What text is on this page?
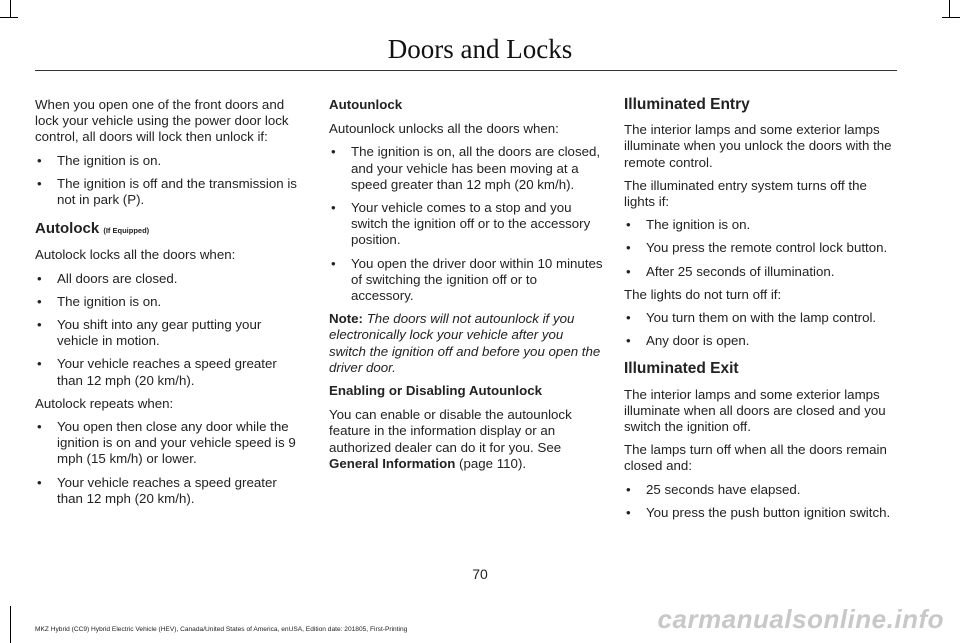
Doors and Locks

When you open one of the front doors and lock your vehicle using the power door lock control, all doors will lock then unlock if:

• The ignition is on.
• The ignition is off and the transmission is not in park (P).
Autolock (If Equipped)

Autolock locks all the doors when:

• All doors are closed.
• The ignition is on.
• You shift into any gear putting your vehicle in motion.
• Your vehicle reaches a speed greater than 12 mph (20 km/h).

Autolock repeats when:

• You open then close any door while the ignition is on and your vehicle speed is 9 mph (15 km/h) or lower.
• Your vehicle reaches a speed greater than 12 mph (20 km/h).
Autounlock

Autounlock unlocks all the doors when:

• The ignition is on, all the doors are closed, and your vehicle has been moving at a speed greater than 12 mph (20 km/h).
• Your vehicle comes to a stop and you switch the ignition off or to the accessory position.
• You open the driver door within 10 minutes of switching the ignition off or to accessory.

Note: The doors will not autounlock if you electronically lock your vehicle after you switch the ignition off and before you open the driver door.

Enabling or Disabling Autounlock

You can enable or disable the autounlock feature in the information display or an authorized dealer can do it for you. See General Information (page 110).

Illuminated Entry

The interior lamps and some exterior lamps illuminate when you unlock the doors with the remote control.

The illuminated entry system turns off the lights if:

• The ignition is on.
• You press the remote control lock button.
• After 25 seconds of illumination.

The lights do not turn off if:

• You turn them on with the lamp control.
• Any door is open.
Illuminated Exit

The interior lamps and some exterior lamps illuminate when all doors are closed and you switch the ignition off.

The lamps turn off when all the doors remain closed and:

• 25 seconds have elapsed.
• You press the push button ignition switch.
70
MKZ Hybrid (CC9) Hybrid Electric Vehicle (HEV), Canada/United States of America, enUSA, Edition date: 201805, First-Printing	carmanualsonline.info
